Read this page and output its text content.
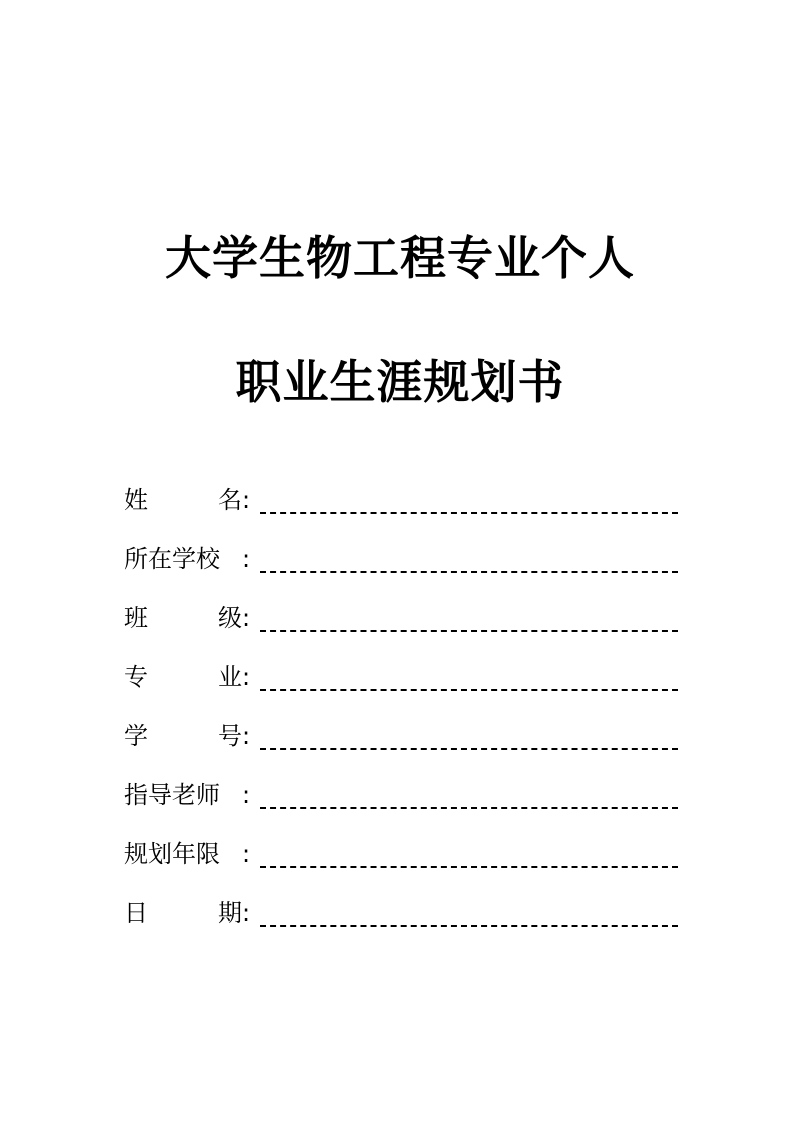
大学生物工程专业个人
职业生涯规划书
姓	名 :
所在学校 :
班	级 :
专	业 :
学	号 :
指导老师 :
规划年限 :
日	期 :
